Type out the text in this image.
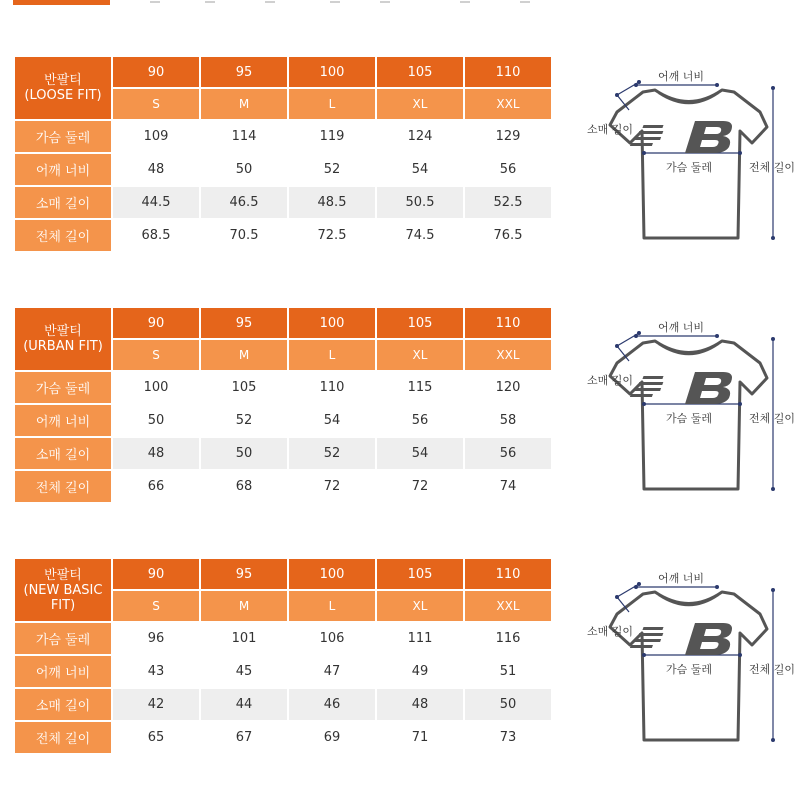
반팔티
(LOOSE FIT)	90	95	100	105	110
	S	M	L	XL	XXL
가슴 둘레	109	114	119	124	129
어깨 너비	48	50	52	54	56
소매 길이	44.5	46.5	48.5	50.5	52.5
전체 길이	68.5	70.5	72.5	74.5	76.5
어깨 너비
소매 길이
가슴 둘레	전체 길이
반팔티
(URBAN FIT)	90	95	100	105	110
	S	M	L	XL	XXL
가슴 둘레	100	105	110	115	120
어깨 너비	50	52	54	56	58
소매 길이	48	50	52	54	56
전체 길이	66	68	72	72	74
어깨 너비
소매 길이
가슴 둘레	전체 길이
반팔티
(NEW BASIC FIT)	90	95	100	105	110
	S	M	L	XL	XXL
가슴 둘레	96	101	106	111	116
어깨 너비	43	45	47	49	51
소매 길이	42	44	46	48	50
전체 길이	65	67	69	71	73
어깨 너비
소매 길이
가슴 둘레	전체 길이
